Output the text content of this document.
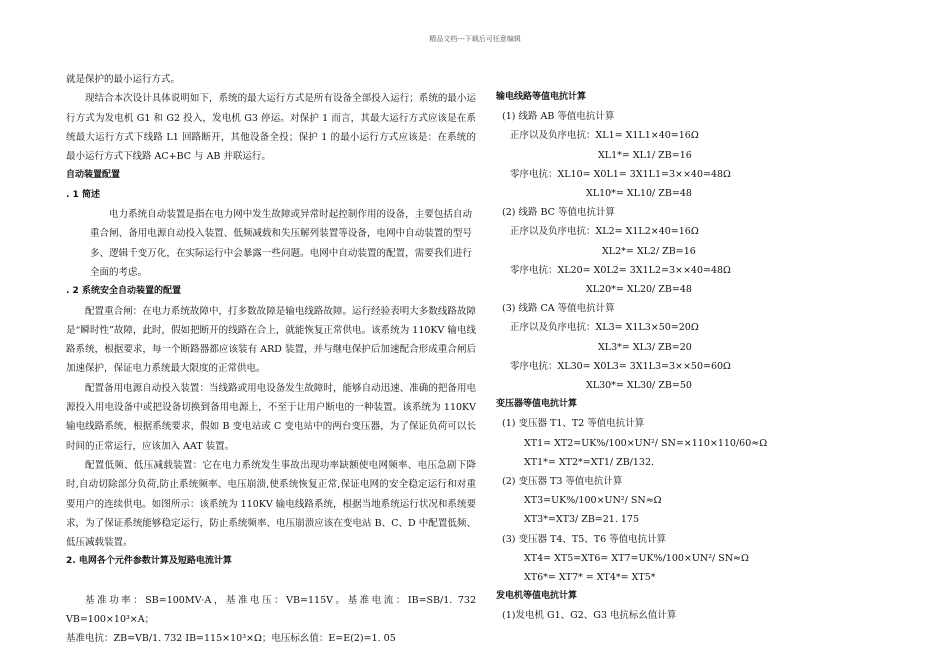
精品文档---下载后可任意编辑

就是保护的最小运行方式。

现结合本次设计具体说明如下，系统的最大运行方式是所有设备全部投入运行；系统的最小运行方式为发电机 G1 和 G2 投入，发电机 G3 停运。对保护 1 而言，其最大运行方式应该是在系统最大运行方式下线路 L1 回路断开，其他设备全投；保护 1 的最小运行方式应该是：在系统的最小运行方式下线路 AC+BC 与 AB 并联运行。

自动装置配置

. 1 简述

电力系统自动装置是指在电力网中发生故障或异常时起控制作用的设备，主要包括自动重合闸、备用电源自动投入装置、低频减载和失压解列装置等设备，电网中自动装置的型号多、逻辑千变万化，在实际运行中会暴露一些问题。电网中自动装置的配置，需要我们进行全面的考虑。

. 2 系统安全自动装置的配置

配置重合闸：在电力系统故障中，打多数故障是输电线路故障。运行经验表明大多数线路故障是“瞬时性”故障，此时，假如把断开的线路在合上，就能恢复正常供电。该系统为 110KV 输电线路系统，根据要求，每一个断路器都应该装有 ARD 装置，并与继电保护后加速配合形成重合闸后加速保护，保证电力系统最大限度的正常供电。

配置备用电源自动投入装置：当线路或用电设备发生故障时，能够自动迅速、准确的把备用电源投入用电设备中或把设备切换到备用电源上，不至于让用户断电的一种装置。该系统为 110KV 输电线路系统，根据系统要求，假如 B 变电站或 C 变电站中的两台变压器，为了保证负荷可以长时间的正常运行，应该加入 AAT 装置。

配置低频、低压减载装置：它在电力系统发生事故出现功率缺额使电网频率、电压急剧下降时,自动切除部分负荷,防止系统频率、电压崩溃,使系统恢复正常,保证电网的安全稳定运行和对重要用户的连续供电。如图所示：该系统为 110KV 输电线路系统，根据当地系统运行状况和系统要求，为了保证系统能够稳定运行，防止系统频率、电压崩溃应该在变电站 B、C、D 中配置低频、低压减载装置。

2. 电网各个元件参数计算及短路电流计算

基准功率：SB=100MV·A，基准电压：VB=115V。基准电流：IB=SB/1. 732 VB=100×10³×A；

基准电抗：ZB=VB/1. 732 IB=115×10³×Ω；电压标幺值：E=E(2)=1. 05

输电线路等值电抗计算

(1) 线路 AB 等值电抗计算

正序以及负序电抗：XL1= X1L1×40=16Ω

XL1*= XL1/ ZB=16

零序电抗：XL10= X0L1= 3X1L1=3××40=48Ω

XL10*= XL10/ ZB=48

(2) 线路 BC 等值电抗计算

正序以及负序电抗：XL2= X1L2×40=16Ω

XL2*= XL2/ ZB=16

零序电抗：XL20= X0L2= 3X1L2=3××40=48Ω

XL20*= XL20/ ZB=48

(3) 线路 CA 等值电抗计算

正序以及负序电抗：XL3= X1L3×50=20Ω

XL3*= XL3/ ZB=20

零序电抗：XL30= X0L3= 3X1L3=3××50=60Ω

XL30*= XL30/ ZB=50

变压器等值电抗计算

(1) 变压器 T1、T2 等值电抗计算

XT1= XT2=UK%/100×UN²/ SN=×110×110/60≈Ω

XT1*= XT2*=XT1/ ZB/132.

(2) 变压器 T3 等值电抗计算

XT3=UK%/100×UN²/ SN≈Ω

XT3*=XT3/ ZB=21. 175

(3) 变压器 T4、T5、T6 等值电抗计算

XT4= XT5=XT6= XT7=UK%/100×UN²/ SN≈Ω

XT6*= XT7* = XT4*= XT5*

发电机等值电抗计算

(1)发电机 G1、G2、G3 电抗标幺值计算
